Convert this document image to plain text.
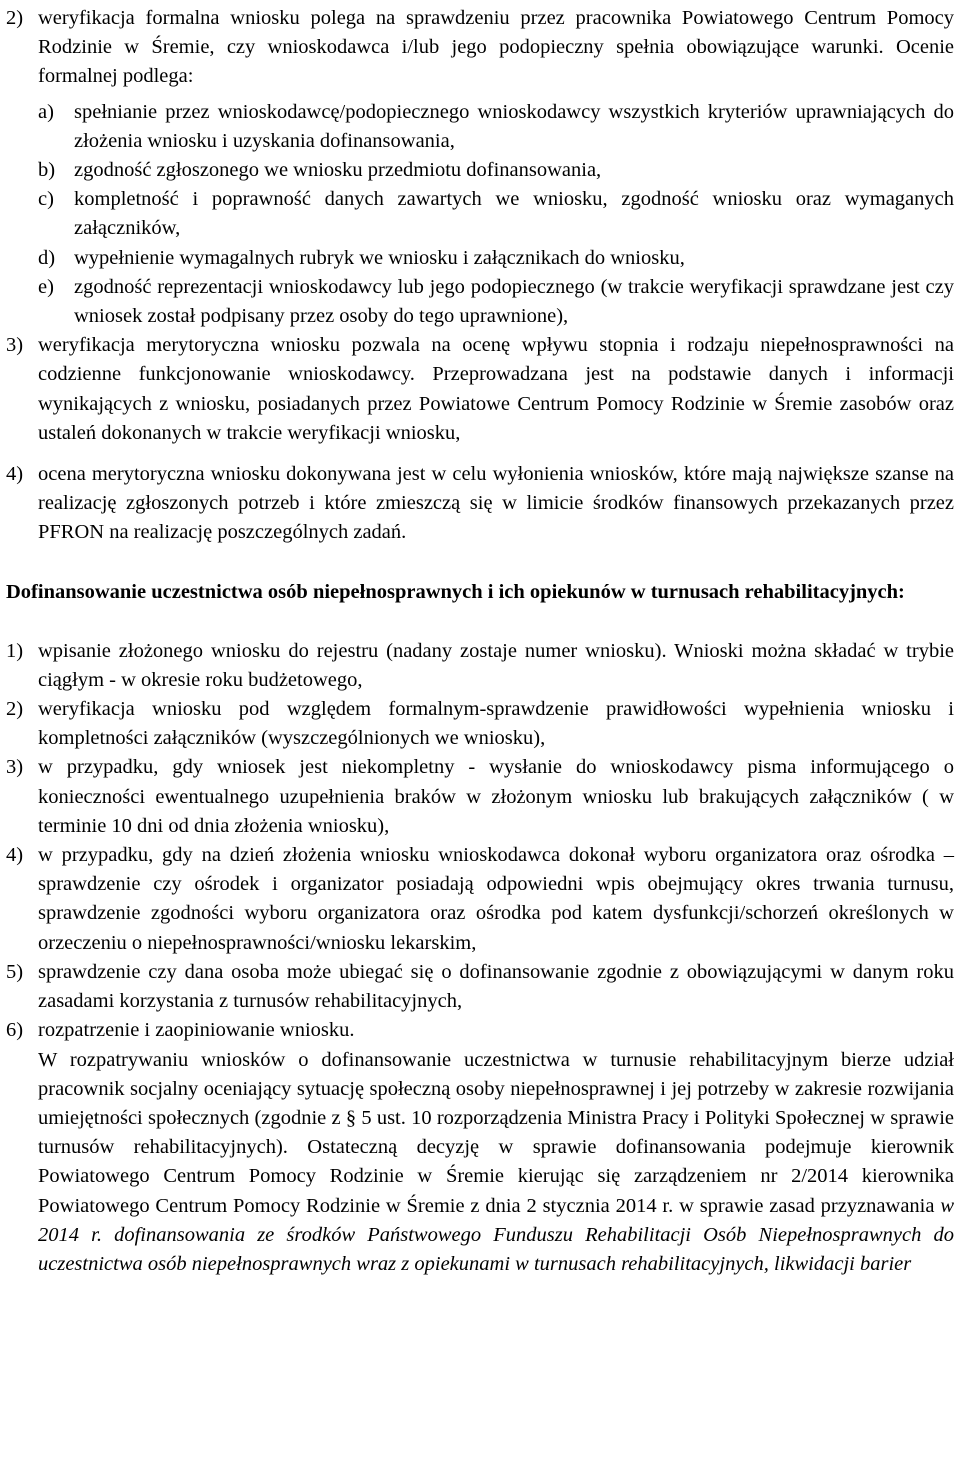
2) weryfikacja formalna wniosku polega na sprawdzeniu przez pracownika Powiatowego Centrum Pomocy Rodzinie w Śremie, czy wnioskodawca i/lub jego podopieczny spełnia obowiązujące warunki. Ocenie formalnej podlega:
a) spełnianie przez wnioskodawcę/podopiecznego wnioskodawcy wszystkich kryteriów uprawniających do złożenia wniosku i uzyskania dofinansowania,
b) zgodność zgłoszonego we wniosku przedmiotu dofinansowania,
c) kompletność i poprawność danych zawartych we wniosku, zgodność wniosku oraz wymaganych załączników,
d) wypełnienie wymagalnych rubryk we wniosku i załącznikach do wniosku,
e) zgodność reprezentacji wnioskodawcy lub jego podopiecznego (w trakcie weryfikacji sprawdzane jest czy wniosek został podpisany przez osoby do tego uprawnione),
3) weryfikacja merytoryczna wniosku pozwala na ocenę wpływu stopnia i rodzaju niepełnosprawności na codzienne funkcjonowanie wnioskodawcy. Przeprowadzana jest na podstawie danych i informacji wynikających z wniosku, posiadanych przez Powiatowe Centrum Pomocy Rodzinie w Śremie zasobów oraz ustaleń dokonanych w trakcie weryfikacji wniosku,
4) ocena merytoryczna wniosku dokonywana jest w celu wyłonienia wniosków, które mają największe szanse na realizację zgłoszonych potrzeb i które zmieszczą się w limicie środków finansowych przekazanych przez PFRON na realizację poszczególnych zadań.
Dofinansowanie uczestnictwa osób niepełnosprawnych i ich opiekunów w turnusach rehabilitacyjnych:
1) wpisanie złożonego wniosku do rejestru (nadany zostaje numer wniosku). Wnioski można składać w trybie ciągłym - w okresie roku budżetowego,
2) weryfikacja wniosku pod względem formalnym-sprawdzenie prawidłowości wypełnienia wniosku i kompletności załączników (wyszczególnionych we wniosku),
3) w przypadku, gdy wniosek jest niekompletny - wysłanie do wnioskodawcy pisma informującego o konieczności ewentualnego uzupełnienia braków w złożonym wniosku lub brakujących załączników ( w terminie 10 dni od dnia złożenia wniosku),
4) w przypadku, gdy na dzień złożenia wniosku wnioskodawca dokonał wyboru organizatora oraz ośrodka – sprawdzenie czy ośrodek i organizator posiadają odpowiedni wpis obejmujący okres trwania turnusu, sprawdzenie zgodności wyboru organizatora oraz ośrodka pod katem dysfunkcji/schorzeń określonych w orzeczeniu o niepełnosprawności/wniosku lekarskim,
5) sprawdzenie czy dana osoba może ubiegać się o dofinansowanie zgodnie z obowiązującymi w danym roku zasadami korzystania z turnusów rehabilitacyjnych,
6) rozpatrzenie i zaopiniowanie wniosku.
W rozpatrywaniu wniosków o dofinansowanie uczestnictwa w turnusie rehabilitacyjnym bierze udział pracownik socjalny oceniający sytuację społeczną osoby niepełnosprawnej i jej potrzeby w zakresie rozwijania umiejętności społecznych (zgodnie z § 5 ust. 10 rozporządzenia Ministra Pracy i Polityki Społecznej w sprawie turnusów rehabilitacyjnych). Ostateczną decyzję w sprawie dofinansowania podejmuje kierownik Powiatowego Centrum Pomocy Rodzinie w Śremie kierując się zarządzeniem nr 2/2014 kierownika Powiatowego Centrum Pomocy Rodzinie w Śremie z dnia 2 stycznia 2014 r. w sprawie zasad przyznawania w 2014 r. dofinansowania ze środków Państwowego Funduszu Rehabilitacji Osób Niepełnosprawnych do uczestnictwa osób niepełnosprawnych wraz z opiekunami w turnusach rehabilitacyjnych, likwidacji barier
